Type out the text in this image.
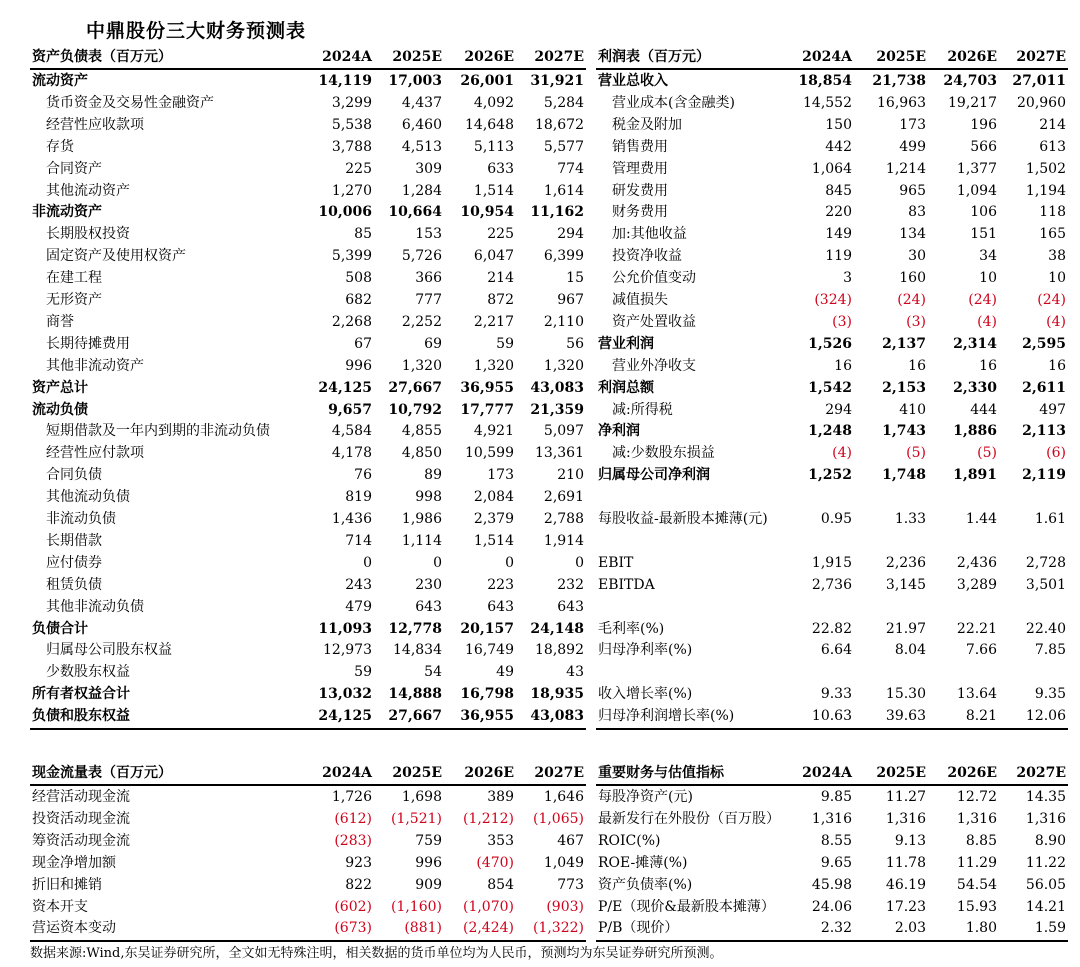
中鼎股份三大财务预测表
资产负债表（百万元）	2024A	2025E	2026E	2027E
流动资产	14,119	17,003	26,001	31,921
货币资金及交易性金融资产	3,299	4,437	4,092	5,284
经营性应收款项	5,538	6,460	14,648	18,672
存货	3,788	4,513	5,113	5,577
合同资产	225	309	633	774
其他流动资产	1,270	1,284	1,514	1,614
非流动资产	10,006	10,664	10,954	11,162
长期股权投资	85	153	225	294
固定资产及使用权资产	5,399	5,726	6,047	6,399
在建工程	508	366	214	15
无形资产	682	777	872	967
商誉	2,268	2,252	2,217	2,110
长期待摊费用	67	69	59	56
其他非流动资产	996	1,320	1,320	1,320
资产总计	24,125	27,667	36,955	43,083
流动负债	9,657	10,792	17,777	21,359
短期借款及一年内到期的非流动负债	4,584	4,855	4,921	5,097
经营性应付款项	4,178	4,850	10,599	13,361
合同负债	76	89	173	210
其他流动负债	819	998	2,084	2,691
非流动负债	1,436	1,986	2,379	2,788
长期借款	714	1,114	1,514	1,914
应付债券	0	0	0	0
租赁负债	243	230	223	232
其他非流动负债	479	643	643	643
负债合计	11,093	12,778	20,157	24,148
归属母公司股东权益	12,973	14,834	16,749	18,892
少数股东权益	59	54	49	43
所有者权益合计	13,032	14,888	16,798	18,935
负债和股东权益	24,125	27,667	36,955	43,083
利润表（百万元）	2024A	2025E	2026E	2027E
营业总收入	18,854	21,738	24,703	27,011
营业成本(含金融类)	14,552	16,963	19,217	20,960
税金及附加	150	173	196	214
销售费用	442	499	566	613
管理费用	1,064	1,214	1,377	1,502
研发费用	845	965	1,094	1,194
财务费用	220	83	106	118
加:其他收益	149	134	151	165
投资净收益	119	30	34	38
公允价值变动	3	160	10	10
减值损失	(324)	(24)	(24)	(24)
资产处置收益	(3)	(3)	(4)	(4)
营业利润	1,526	2,137	2,314	2,595
营业外净收支	16	16	16	16
利润总额	1,542	2,153	2,330	2,611
减:所得税	294	410	444	497
净利润	1,248	1,743	1,886	2,113
减:少数股东损益	(4)	(5)	(5)	(6)
归属母公司净利润	1,252	1,748	1,891	2,119
每股收益-最新股本摊薄(元)	0.95	1.33	1.44	1.61
EBIT	1,915	2,236	2,436	2,728
EBITDA	2,736	3,145	3,289	3,501
毛利率(%)	22.82	21.97	22.21	22.40
归母净利率(%)	6.64	8.04	7.66	7.85
收入增长率(%)	9.33	15.30	13.64	9.35
归母净利润增长率(%)	10.63	39.63	8.21	12.06
现金流量表（百万元）	2024A	2025E	2026E	2027E
经营活动现金流	1,726	1,698	389	1,646
投资活动现金流	(612)	(1,521)	(1,212)	(1,065)
筹资活动现金流	(283)	759	353	467
现金净增加额	923	996	(470)	1,049
折旧和摊销	822	909	854	773
资本开支	(602)	(1,160)	(1,070)	(903)
营运资本变动	(673)	(881)	(2,424)	(1,322)
重要财务与估值指标	2024A	2025E	2026E	2027E
每股净资产(元)	9.85	11.27	12.72	14.35
最新发行在外股份（百万股）	1,316	1,316	1,316	1,316
ROIC(%)	8.55	9.13	8.85	8.90
ROE-摊薄(%)	9.65	11.78	11.29	11.22
资产负债率(%)	45.98	46.19	54.54	56.05
P/E（现价&最新股本摊薄）	24.06	17.23	15.93	14.21
P/B（现价）	2.32	2.03	1.80	1.59
数据来源:Wind,东吴证券研究所，全文如无特殊注明，相关数据的货币单位均为人民币，预测均为东吴证券研究所预测。
